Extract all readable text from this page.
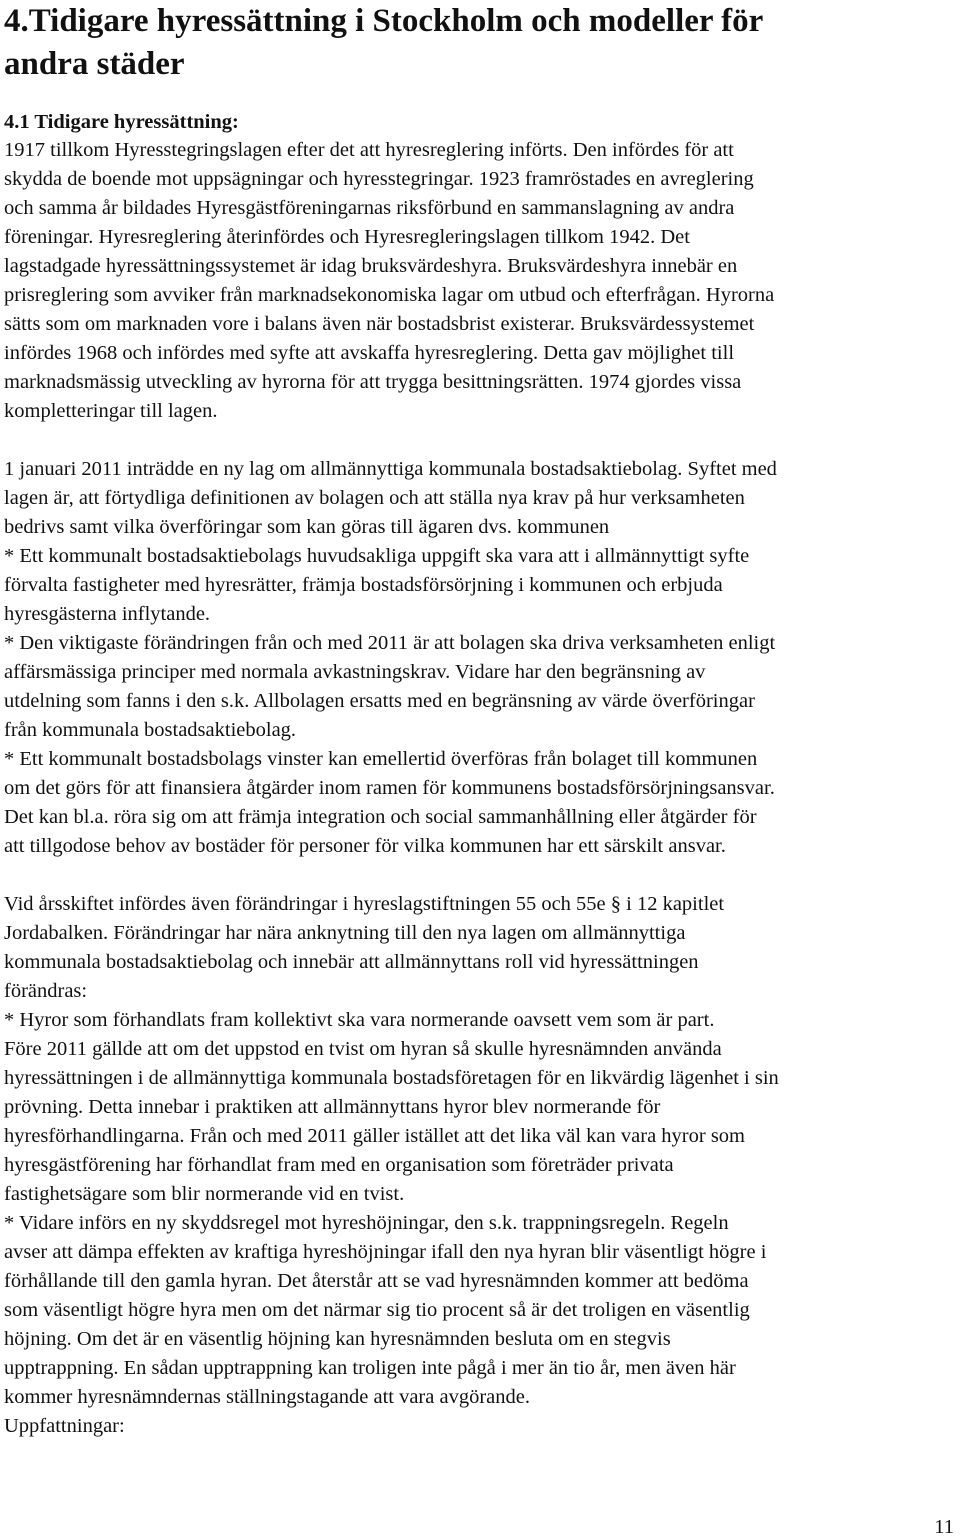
4.Tidigare hyressättning i Stockholm och modeller för
andra städer
4.1 Tidigare hyressättning:

1917 tillkom Hyresstegringslagen efter det att hyresreglering införts. Den infördes för att
skydda de boende mot uppsägningar och hyresstegringar. 1923 framröstades en avreglering
och samma år bildades Hyresgästföreningarnas riksförbund en sammanslagning av andra
föreningar. Hyresreglering återinfördes och Hyresregleringslagen tillkom 1942. Det
lagstadgade hyressättningssystemet är idag bruksvärdeshyra. Bruksvärdeshyra innebär en
prisreglering som avviker från marknadsekonomiska lagar om utbud och efterfrågan. Hyrorna
sätts som om marknaden vore i balans även när bostadsbrist existerar. Bruksvärdessystemet
infördes 1968 och infördes med syfte att avskaffa hyresreglering. Detta gav möjlighet till
marknadsmässig utveckling av hyrorna för att trygga besittningsrätten. 1974 gjordes vissa
kompletteringar till lagen.

1 januari 2011 inträdde en ny lag om allmännyttiga kommunala bostadsaktiebolag. Syftet med
lagen är, att förtydliga definitionen av bolagen och att ställa nya krav på hur verksamheten
bedrivs samt vilka överföringar som kan göras till ägaren dvs. kommunen
* Ett kommunalt bostadsaktiebolags huvudsakliga uppgift ska vara att i allmännyttigt syfte
förvalta fastigheter med hyresrätter, främja bostadsförsörjning i kommunen och erbjuda
hyresgästerna inflytande.
* Den viktigaste förändringen från och med 2011 är att bolagen ska driva verksamheten enligt
affärsmässiga principer med normala avkastningskrav. Vidare har den begränsning av
utdelning som fanns i den s.k. Allbolagen ersatts med en begränsning av värde överföringar
från kommunala bostadsaktiebolag.
* Ett kommunalt bostadsbolags vinster kan emellertid överföras från bolaget till kommunen
om det görs för att finansiera åtgärder inom ramen för kommunens bostadsförsörjningsansvar.
Det kan bl.a. röra sig om att främja integration och social sammanhållning eller åtgärder för
att tillgodose behov av bostäder för personer för vilka kommunen har ett särskilt ansvar.

Vid årsskiftet infördes även förändringar i hyreslagstiftningen 55 och 55e § i 12 kapitlet
Jordabalken. Förändringar har nära anknytning till den nya lagen om allmännyttiga
kommunala bostadsaktiebolag och innebär att allmännyttans roll vid hyressättningen
förändras:
* Hyror som förhandlats fram kollektivt ska vara normerande oavsett vem som är part.
Före 2011 gällde att om det uppstod en tvist om hyran så skulle hyresnämnden använda
hyressättningen i de allmännyttiga kommunala bostadsföretagen för en likvärdig lägenhet i sin
prövning. Detta innebar i praktiken att allmännyttans hyror blev normerande för
hyresförhandlingarna. Från och med 2011 gäller istället att det lika väl kan vara hyror som
hyresgästförening har förhandlat fram med en organisation som företräder privata
fastighetsägare som blir normerande vid en tvist.
* Vidare införs en ny skyddsregel mot hyreshöjningar, den s.k. trappningsregeln. Regeln
avser att dämpa effekten av kraftiga hyreshöjningar ifall den nya hyran blir väsentligt högre i
förhållande till den gamla hyran. Det återstår att se vad hyresnämnden kommer att bedöma
som väsentligt högre hyra men om det närmar sig tio procent så är det troligen en väsentlig
höjning. Om det är en väsentlig höjning kan hyresnämnden besluta om en stegvis
upptrappning. En sådan upptrappning kan troligen inte pågå i mer än tio år, men även här
kommer hyresnämndernas ställningstagande att vara avgörande.
Uppfattningar:

11
